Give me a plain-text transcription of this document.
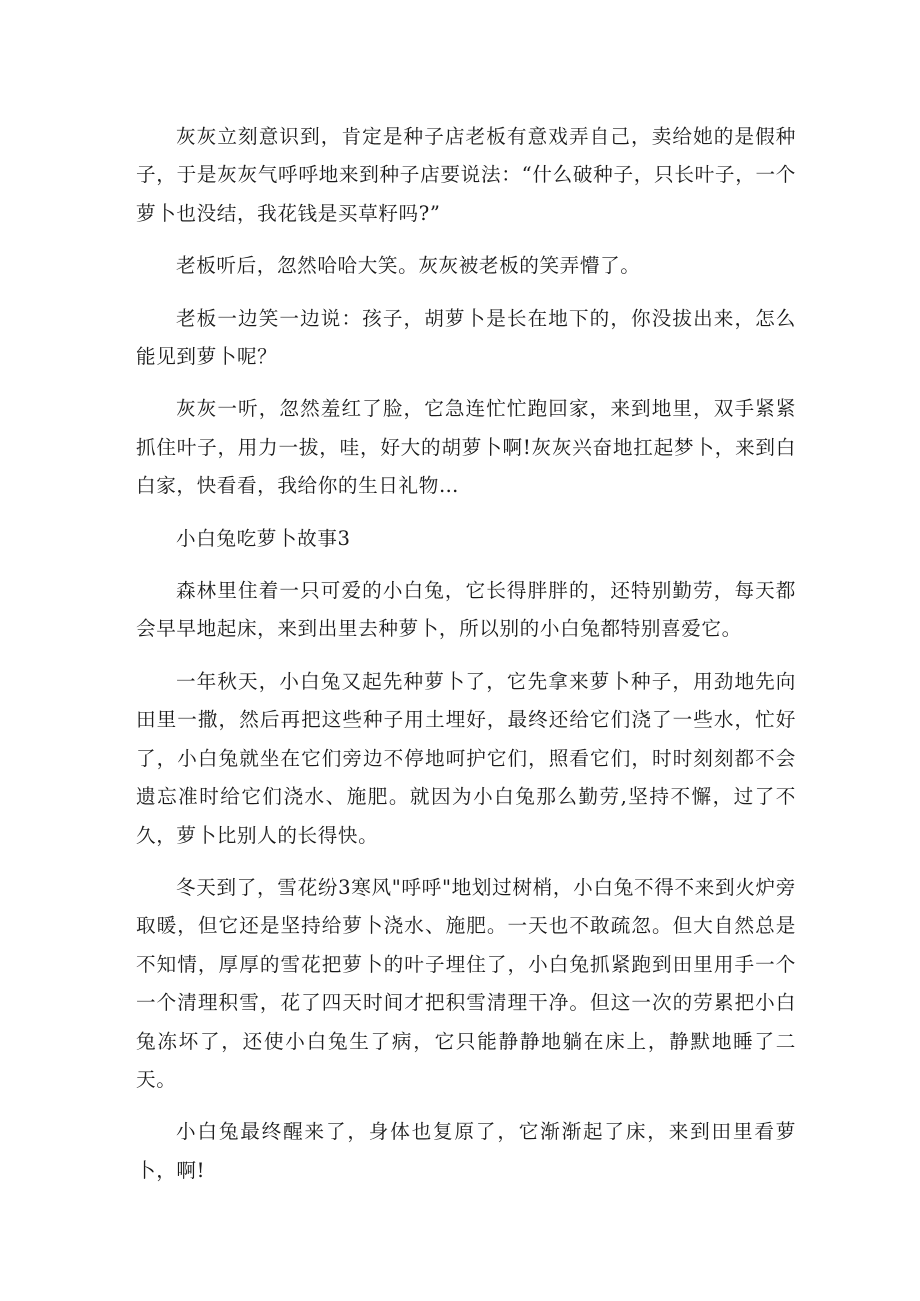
灰灰立刻意识到，肯定是种子店老板有意戏弄自己，卖给她的是假种子，于是灰灰气呼呼地来到种子店要说法：“什么破种子，只长叶子，一个萝卜也没结，我花钱是买草籽吗?”

老板听后，忽然哈哈大笑。灰灰被老板的笑弄懵了。

老板一边笑一边说：孩子，胡萝卜是长在地下的，你没拔出来，怎么能见到萝卜呢？

灰灰一听，忽然羞红了脸，它急连忙忙跑回家，来到地里，双手紧紧抓住叶子，用力一拔，哇，好大的胡萝卜啊!灰灰兴奋地扛起梦卜，来到白白家，快看看，我给你的生日礼物…

小白兔吃萝卜故事3

森林里住着一只可爱的小白兔，它长得胖胖的，还特别勤劳，每天都会早早地起床，来到出里去种萝卜，所以别的小白兔都特别喜爱它。

一年秋天，小白兔又起先种萝卜了，它先拿来萝卜种子，用劲地先向田里一撒，然后再把这些种子用土埋好，最终还给它们浇了一些水，忙好了，小白兔就坐在它们旁边不停地呵护它们，照看它们，时时刻刻都不会遗忘准时给它们浇水、施肥。就因为小白兔那么勤劳,坚持不懈，过了不久，萝卜比别人的长得快。

冬天到了，雪花纷3寒风"呼呼"地划过树梢，小白兔不得不来到火炉旁取暖，但它还是坚持给萝卜浇水、施肥。一天也不敢疏忽。但大自然总是不知情，厚厚的雪花把萝卜的叶子埋住了，小白兔抓紧跑到田里用手一个一个清理积雪，花了四天时间才把积雪清理干净。但这一次的劳累把小白兔冻坏了，还使小白兔生了病，它只能静静地躺在床上，静默地睡了二天。

小白兔最终醒来了，身体也复原了，它渐渐起了床，来到田里看萝卜，啊!
